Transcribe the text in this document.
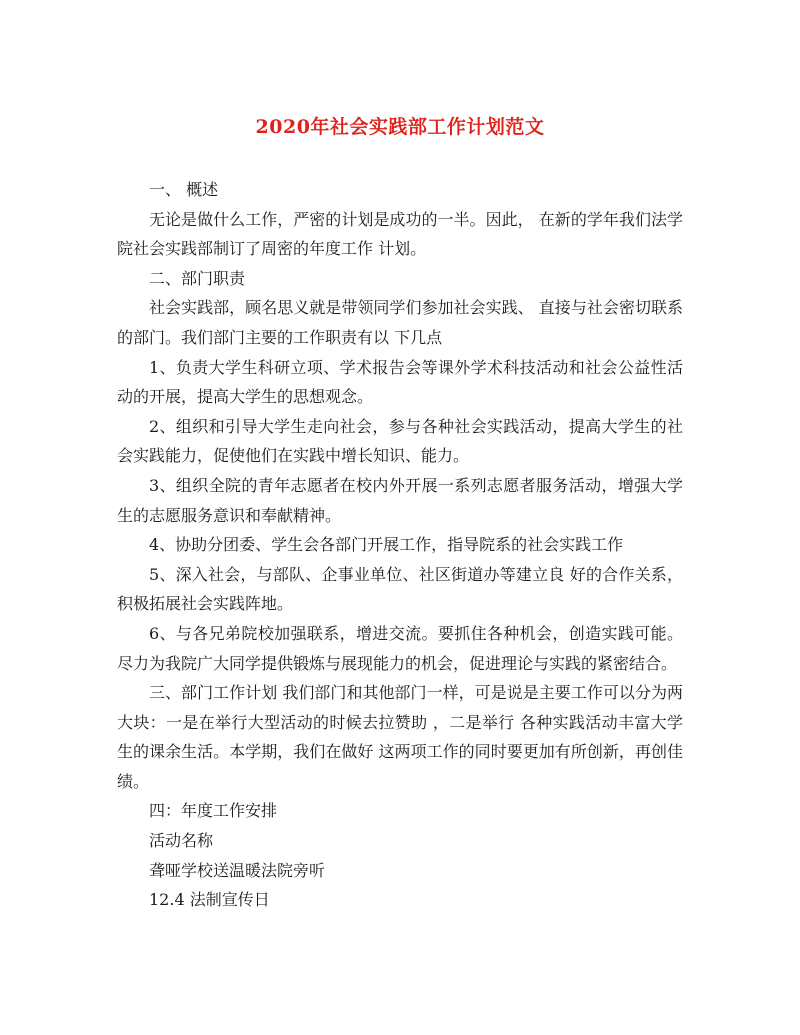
2020年社会实践部工作计划范文

一、 概述

无论是做什么工作，严密的计划是成功的一半。因此， 在新的学年我们法学院社会实践部制订了周密的年度工作 计划。

二、部门职责

社会实践部，顾名思义就是带领同学们参加社会实践、 直接与社会密切联系的部门。我们部门主要的工作职责有以 下几点

1、负责大学生科研立项、学术报告会等课外学术科技活动和社会公益性活动的开展，提高大学生的思想观念。

2、组织和引导大学生走向社会，参与各种社会实践活动，提高大学生的社会实践能力，促使他们在实践中增长知识、能力。

3、组织全院的青年志愿者在校内外开展一系列志愿者服务活动，增强大学生的志愿服务意识和奉献精神。

4、协助分团委、学生会各部门开展工作，指导院系的社会实践工作

5、深入社会，与部队、企事业单位、社区街道办等建立良 好的合作关系，积极拓展社会实践阵地。

6、与各兄弟院校加强联系，增进交流。要抓住各种机会，创造实践可能。尽力为我院广大同学提供锻炼与展现能力的机会，促进理论与实践的紧密结合。

三、部门工作计划 我们部门和其他部门一样，可是说是主要工作可以分为两大块：一是在举行大型活动的时候去拉赞助 ，二是举行 各种实践活动丰富大学生的课余生活。本学期，我们在做好 这两项工作的同时要更加有所创新，再创佳绩。

四：年度工作安排

活动名称

聋哑学校送温暖法院旁听

12.4 法制宣传日
